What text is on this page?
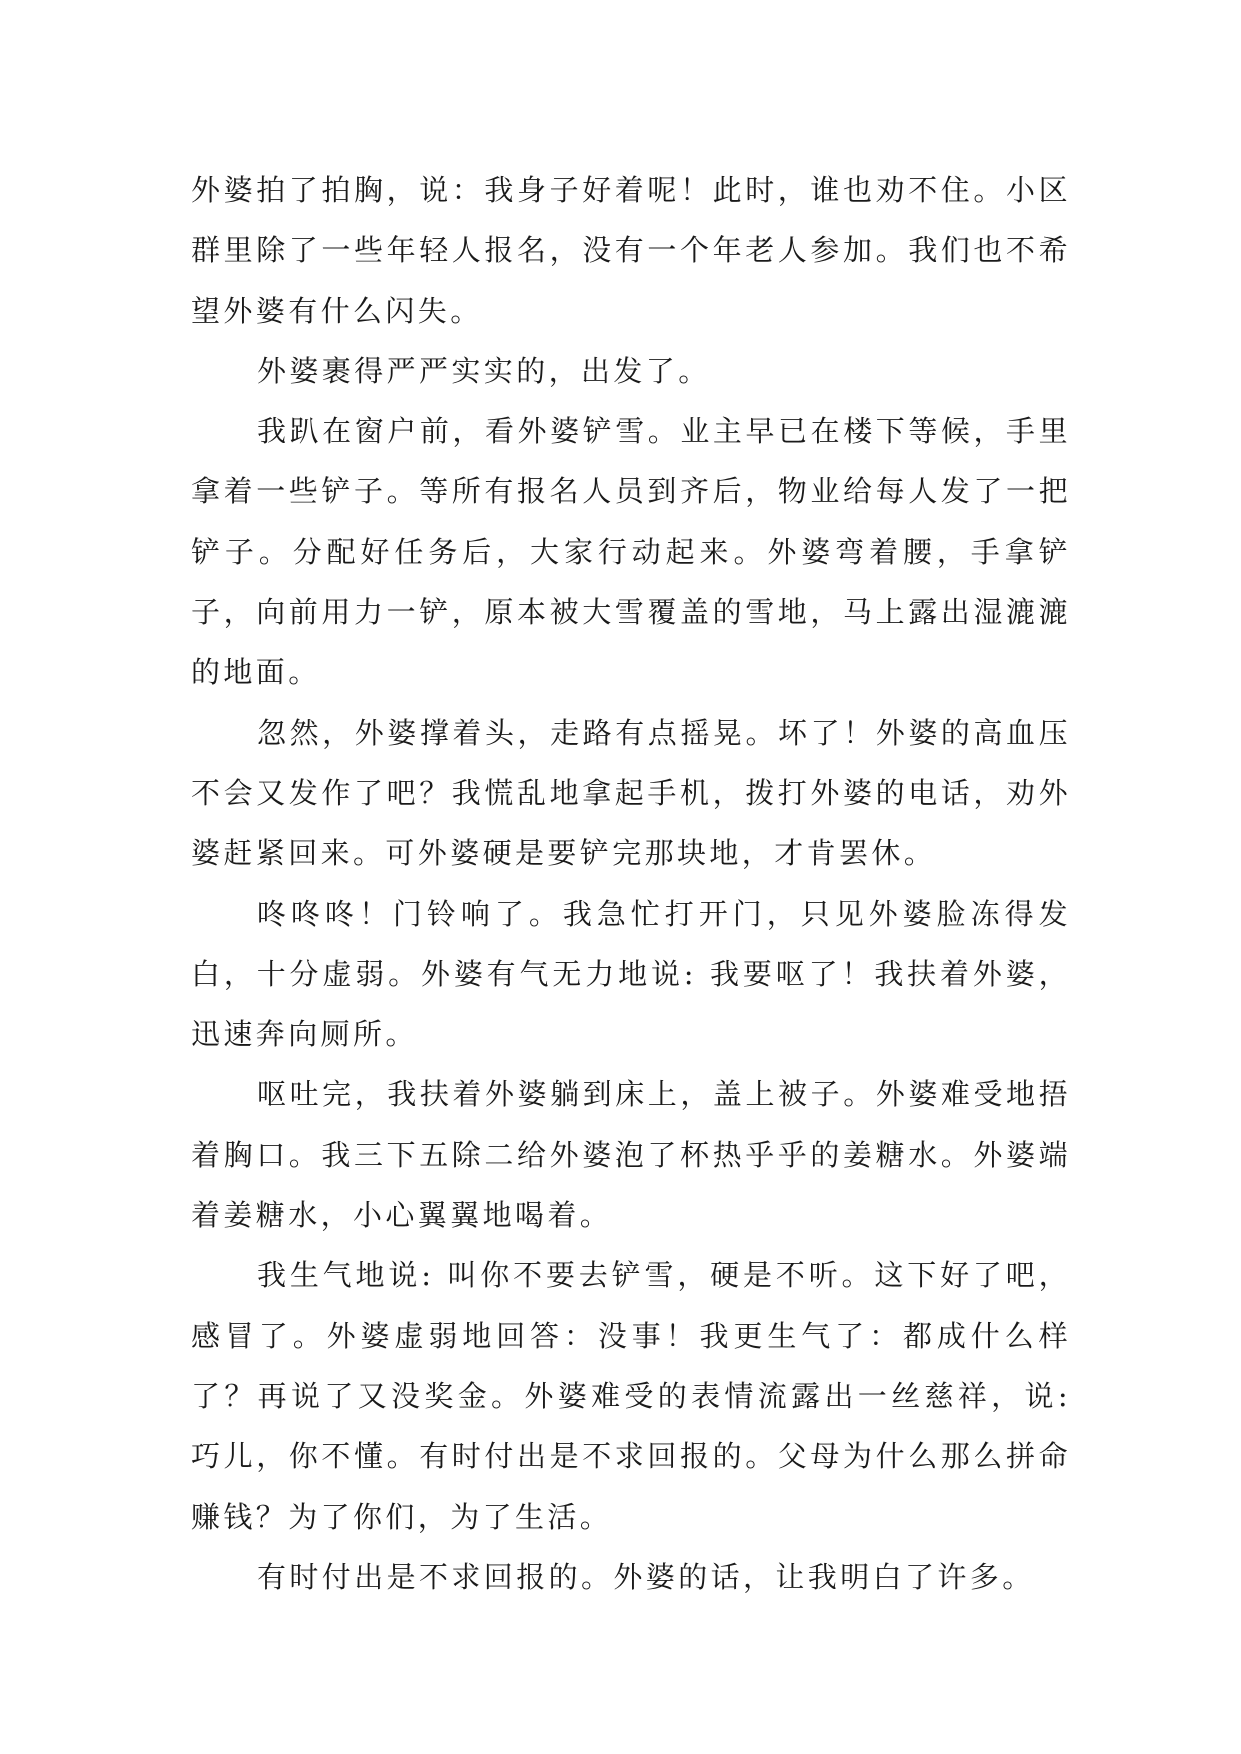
外婆拍了拍胸，说：我身子好着呢！此时，谁也劝不住。小区群里除了一些年轻人报名，没有一个年老人参加。我们也不希望外婆有什么闪失。

外婆裹得严严实实的，出发了。

我趴在窗户前，看外婆铲雪。业主早已在楼下等候，手里拿着一些铲子。等所有报名人员到齐后，物业给每人发了一把铲子。分配好任务后，大家行动起来。外婆弯着腰，手拿铲子，向前用力一铲，原本被大雪覆盖的雪地，马上露出湿漉漉的地面。

忽然，外婆撑着头，走路有点摇晃。坏了！外婆的高血压不会又发作了吧？我慌乱地拿起手机，拨打外婆的电话，劝外婆赶紧回来。可外婆硬是要铲完那块地，才肯罢休。

咚咚咚！门铃响了。我急忙打开门，只见外婆脸冻得发白，十分虚弱。外婆有气无力地说: 我要呕了！我扶着外婆，迅速奔向厕所。

呕吐完，我扶着外婆躺到床上，盖上被子。外婆难受地捂着胸口。我三下五除二给外婆泡了杯热乎乎的姜糖水。外婆端着姜糖水，小心翼翼地喝着。

我生气地说: 叫你不要去铲雪，硬是不听。这下好了吧，感冒了。外婆虚弱地回答：没事！我更生气了：都成什么样了？再说了又没奖金。外婆难受的表情流露出一丝慈祥，说: 巧儿，你不懂。有时付出是不求回报的。父母为什么那么拼命赚钱？为了你们，为了生活。

有时付出是不求回报的。外婆的话，让我明白了许多。
